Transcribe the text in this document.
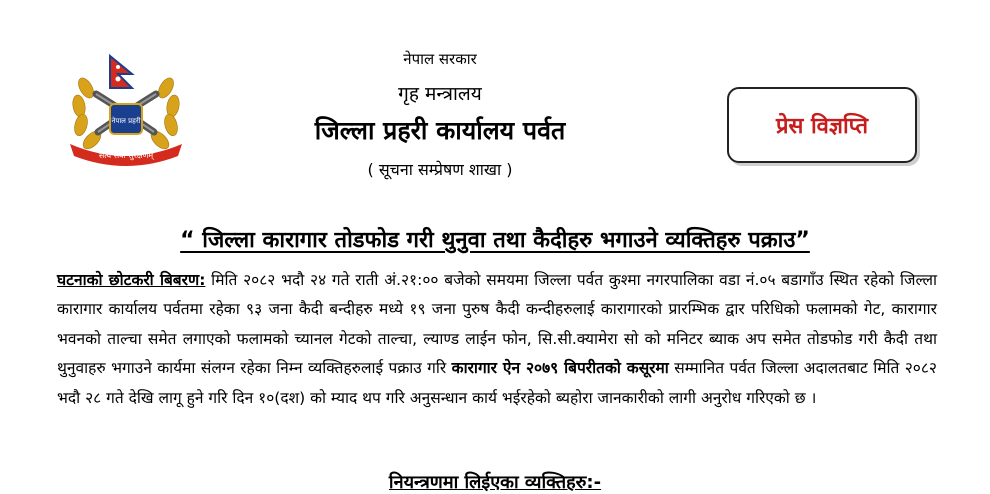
नेपाल प्रहरी
सत्य सेवा सुरक्षणम्
नेपाल सरकार
गृह मन्त्रालय
जिल्ला प्रहरी कार्यालय पर्वत
( सूचना सम्प्रेषण शाखा )
प्रेस विज्ञप्ति
“ जिल्ला कारागार तोडफोड गरी थुनुवा तथा कैदीहरु भगाउने व्यक्तिहरु पक्राउ”

घटनाको छोटकरी बिबरण: मिति २०८२ भदौ २४ गते राती अं.२१:०० बजेको समयमा जिल्ला पर्वत कुश्मा नगरपालिका वडा नं.०५ बडागाँउ स्थित रहेको जिल्ला कारागार कार्यालय पर्वतमा रहेका ९३ जना कैदी बन्दीहरु मध्ये १९ जना पुरुष कैदी कन्दीहरुलाई कारागारको प्रारम्भिक द्वार परिधिको फलामको गेट, कारागार भवनको ताल्चा समेत लगाएको फलामको च्यानल गेटको ताल्चा, ल्याण्ड लाईन फोन, सि.सी.क्यामेरा सो को मनिटर ब्याक अप समेत तोडफोड गरी कैदी तथा थुनुवाहरु भगाउने कार्यमा संलग्न रहेका निम्न व्यक्तिहरुलाई पक्राउ गरि कारागार ऐन २०७९ बिपरीतको कसूरमा सम्मानित पर्वत जिल्ला अदालतबाट मिति २०८२ भदौ २८ गते देखि लागू हुने गरि दिन १०(दश) को म्याद थप गरि अनुसन्धान कार्य भईरहेको ब्यहोरा जानकारीको लागी अनुरोध गरिएको छ ।

नियन्त्रणमा लिईएका व्यक्तिहरु:-
